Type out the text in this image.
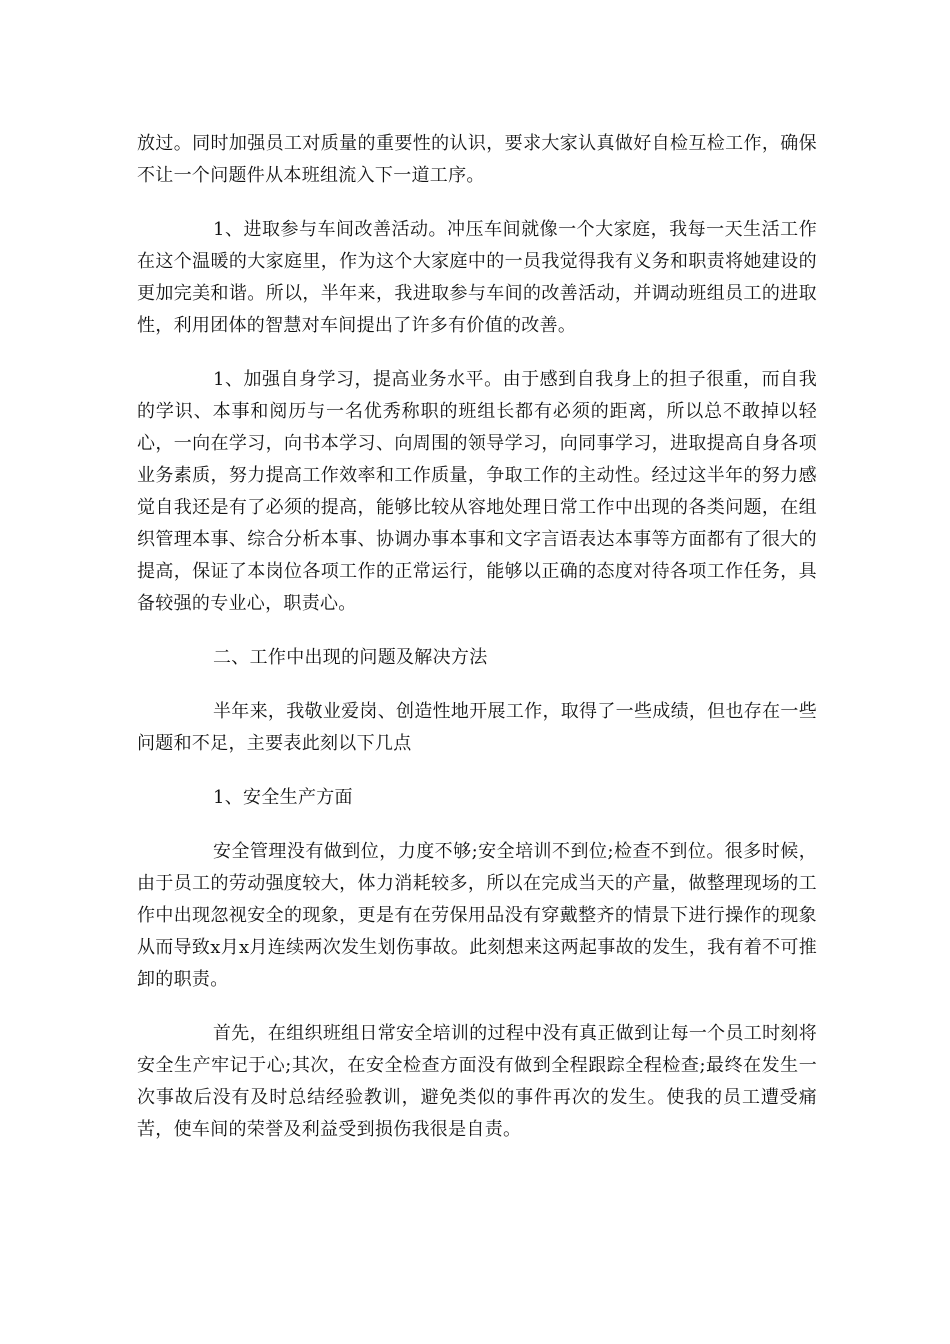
放过。同时加强员工对质量的重要性的认识，要求大家认真做好自检互检工作，确保不让一个问题件从本班组流入下一道工序。

1、进取参与车间改善活动。冲压车间就像一个大家庭，我每一天生活工作在这个温暖的大家庭里，作为这个大家庭中的一员我觉得我有义务和职责将她建设的更加完美和谐。所以，半年来，我进取参与车间的改善活动，并调动班组员工的进取性，利用团体的智慧对车间提出了许多有价值的改善。

1、加强自身学习，提高业务水平。由于感到自我身上的担子很重，而自我的学识、本事和阅历与一名优秀称职的班组长都有必须的距离，所以总不敢掉以轻心，一向在学习，向书本学习、向周围的领导学习，向同事学习，进取提高自身各项业务素质，努力提高工作效率和工作质量，争取工作的主动性。经过这半年的努力感觉自我还是有了必须的提高，能够比较从容地处理日常工作中出现的各类问题，在组织管理本事、综合分析本事、协调办事本事和文字言语表达本事等方面都有了很大的提高，保证了本岗位各项工作的正常运行，能够以正确的态度对待各项工作任务，具备较强的专业心，职责心。

二、工作中出现的问题及解决方法

半年来，我敬业爱岗、创造性地开展工作，取得了一些成绩，但也存在一些问题和不足，主要表此刻以下几点

1、安全生产方面

安全管理没有做到位，力度不够;安全培训不到位;检查不到位。很多时候，由于员工的劳动强度较大，体力消耗较多，所以在完成当天的产量，做整理现场的工作中出现忽视安全的现象，更是有在劳保用品没有穿戴整齐的情景下进行操作的现象从而导致x月x月连续两次发生划伤事故。此刻想来这两起事故的发生，我有着不可推卸的职责。

首先，在组织班组日常安全培训的过程中没有真正做到让每一个员工时刻将安全生产牢记于心;其次，在安全检查方面没有做到全程跟踪全程检查;最终在发生一次事故后没有及时总结经验教训，避免类似的事件再次的发生。使我的员工遭受痛苦，使车间的荣誉及利益受到损伤我很是自责。
